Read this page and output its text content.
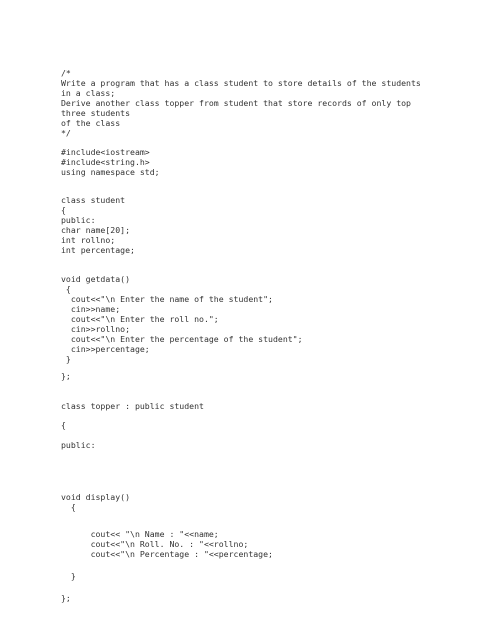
/*
Write a program that has a class student to store details of the students
in a class;
Derive another class topper from student that store records of only top
three students
of the class
*/
#include<iostream>
#include<string.h>
using namespace std;
class student
{
public:
char name[20];
int rollno;
int percentage;
void getdata()
{
cout<<"\n Enter the name of the student";
cin>>name;
cout<<"\n Enter the roll no.";
cin>>rollno;
cout<<"\n Enter the percentage of the student";
cin>>percentage;
}
};
class topper : public student
{
public:
void display()
{
cout<< "\n Name : "<<name;
cout<<"\n Roll. No. : "<<rollno;
cout<<"\n Percentage : "<<percentage;
}
};
